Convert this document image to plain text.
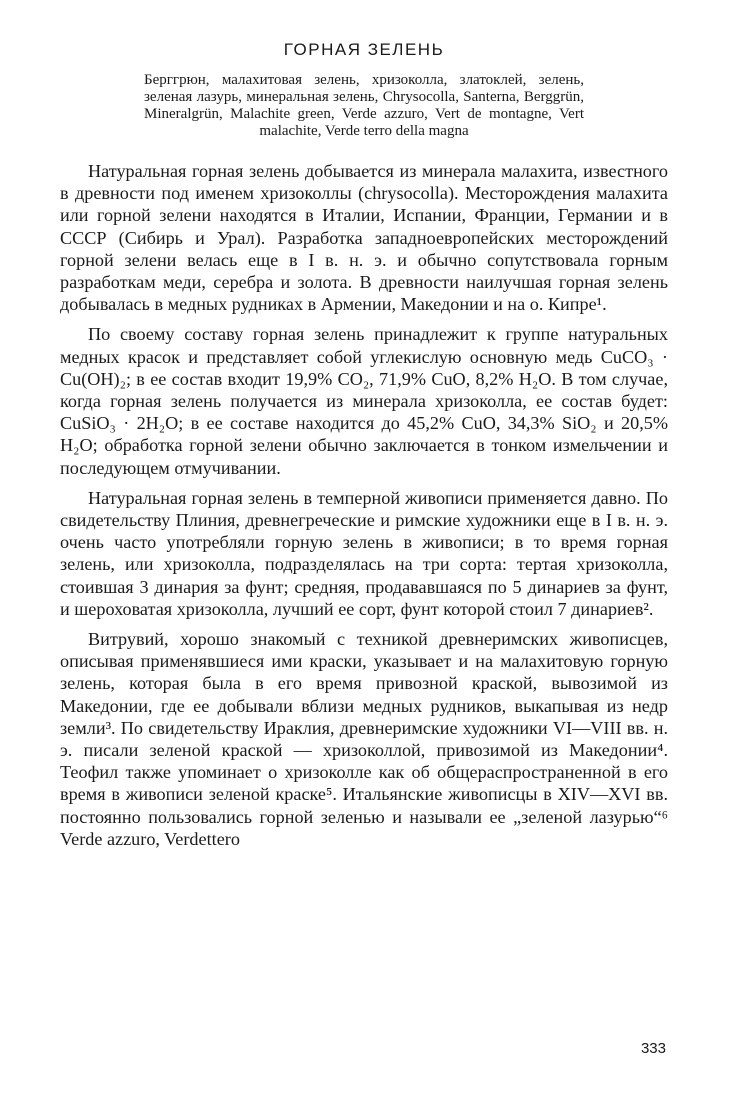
ГОРНАЯ ЗЕЛЕНЬ
Берггрюн, малахитовая зелень, хризоколла, златоклей, зелень, зеленая лазурь, минеральная зелень, Chrysocolla, Santerna, Berggrün, Mineralgrün, Malachite green, Verde azzuro, Vert de montagne, Vert malachite, Verde terro della magna

Натуральная горная зелень добывается из минерала малахита, известного в древности под именем хризоколлы (chrysocolla). Месторождения малахита или горной зелени находятся в Италии, Испании, Франции, Германии и в СССР (Сибирь и Урал). Разработка западноевропейских месторождений горной зелени велась еще в I в. н. э. и обычно сопутствовала горным разработкам меди, серебра и золота. В древности наилучшая горная зелень добывалась в медных рудниках в Армении, Македонии и на о. Кипре¹.

По своему составу горная зелень принадлежит к группе натуральных медных красок и представляет собой углекислую основную медь CuCO₃ · Cu(OH)₂; в ее состав входит 19,9% CO₂, 71,9% CuO, 8,2% H₂O. В том случае, когда горная зелень получается из минерала хризоколла, ее состав будет: CuSiO₃ · 2H₂O; в ее составе находится до 45,2% CuO, 34,3% SiO₂ и 20,5% H₂O; обработка горной зелени обычно заключается в тонком измельчении и последующем отмучивании.

Натуральная горная зелень в темперной живописи применяется давно. По свидетельству Плиния, древнегреческие и римские художники еще в I в. н. э. очень часто употребляли горную зелень в живописи; в то время горная зелень, или хризоколла, подразделялась на три сорта: тертая хризоколла, стоившая 3 динария за фунт; средняя, продававшаяся по 5 динариев за фунт, и шероховатая хризоколла, лучший ее сорт, фунт которой стоил 7 динариев².

Витрувий, хорошо знакомый с техникой древнеримских живописцев, описывая применявшиеся ими краски, указывает и на малахитовую горную зелень, которая была в его время привозной краской, вывозимой из Македонии, где ее добывали вблизи медных рудников, выкапывая из недр земли³. По свидетельству Ираклия, древнеримские художники VI—VIII вв. н. э. писали зеленой краской — хризоколлой, привозимой из Македонии⁴. Теофил также упоминает о хризоколле как об общераспространенной в его время в живописи зеленой краске⁵. Итальянские живописцы в XIV—XVI вв. постоянно пользовались горной зеленью и называли ее „зеленой лазурью“⁶ Verde azzuro, Verdettero

333
